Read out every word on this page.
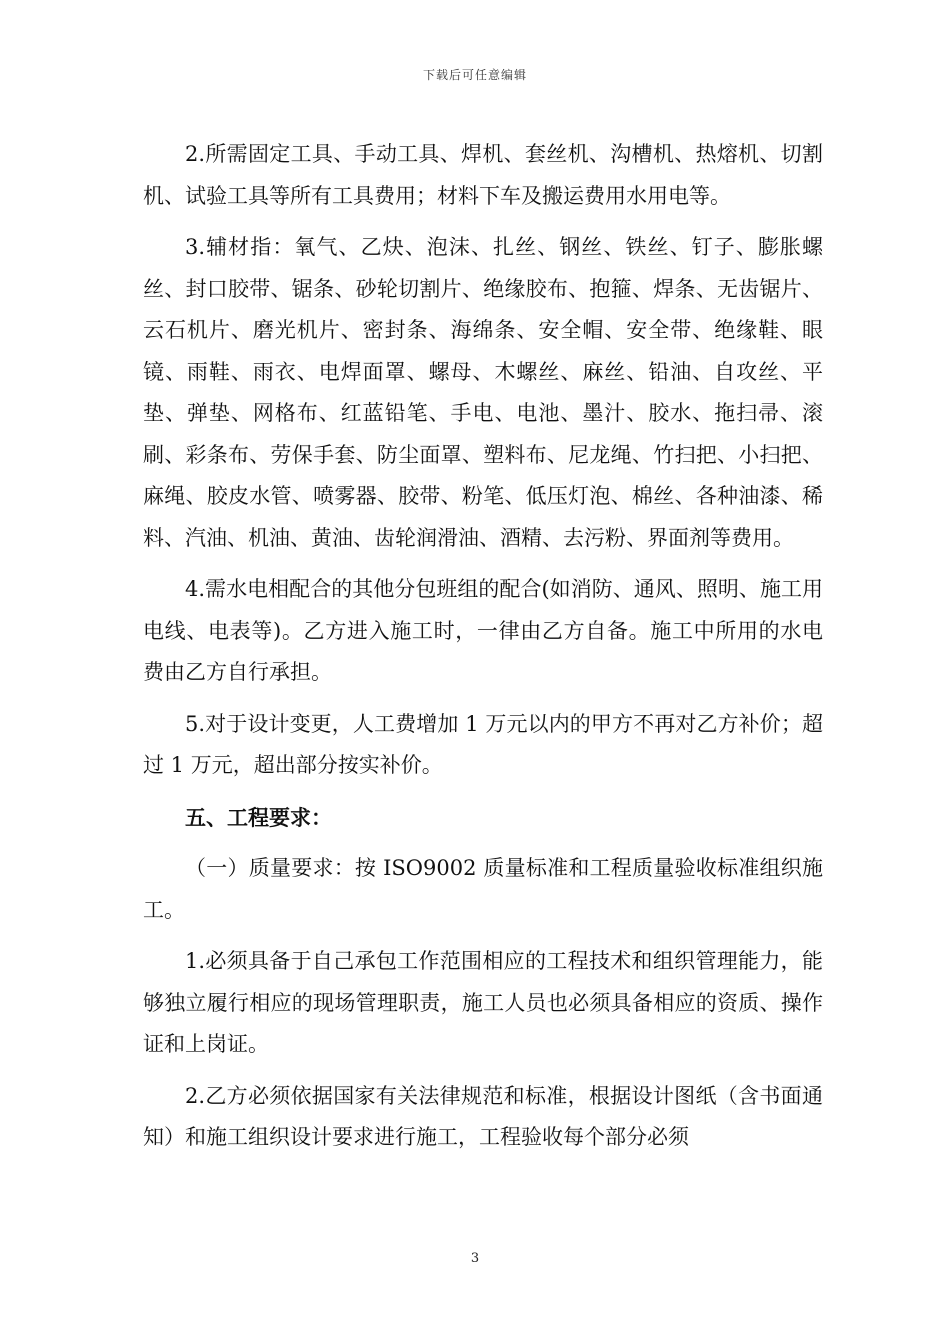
下载后可任意编辑

2.所需固定工具、手动工具、焊机、套丝机、沟槽机、热熔机、切割机、试验工具等所有工具费用；材料下车及搬运费用水用电等。

3.辅材指：氧气、乙炔、泡沫、扎丝、钢丝、铁丝、钉子、膨胀螺丝、封口胶带、锯条、砂轮切割片、绝缘胶布、抱箍、焊条、无齿锯片、云石机片、磨光机片、密封条、海绵条、安全帽、安全带、绝缘鞋、眼镜、雨鞋、雨衣、电焊面罩、螺母、木螺丝、麻丝、铅油、自攻丝、平垫、弹垫、网格布、红蓝铅笔、手电、电池、墨汁、胶水、拖扫帚、滚刷、彩条布、劳保手套、防尘面罩、塑料布、尼龙绳、竹扫把、小扫把、麻绳、胶皮水管、喷雾器、胶带、粉笔、低压灯泡、棉丝、各种油漆、稀料、汽油、机油、黄油、齿轮润滑油、酒精、去污粉、界面剂等费用。

4.需水电相配合的其他分包班组的配合(如消防、通风、照明、施工用电线、电表等)。乙方进入施工时，一律由乙方自备。施工中所用的水电费由乙方自行承担。

5.对于设计变更，人工费增加 1 万元以内的甲方不再对乙方补价；超过 1 万元，超出部分按实补价。

五、工程要求：

（一）质量要求：按 ISO9002 质量标准和工程质量验收标准组织施工。

1.必须具备于自己承包工作范围相应的工程技术和组织管理能力，能够独立履行相应的现场管理职责，施工人员也必须具备相应的资质、操作证和上岗证。

2.乙方必须依据国家有关法律规范和标准，根据设计图纸（含书面通知）和施工组织设计要求进行施工，工程验收每个部分必须

3
